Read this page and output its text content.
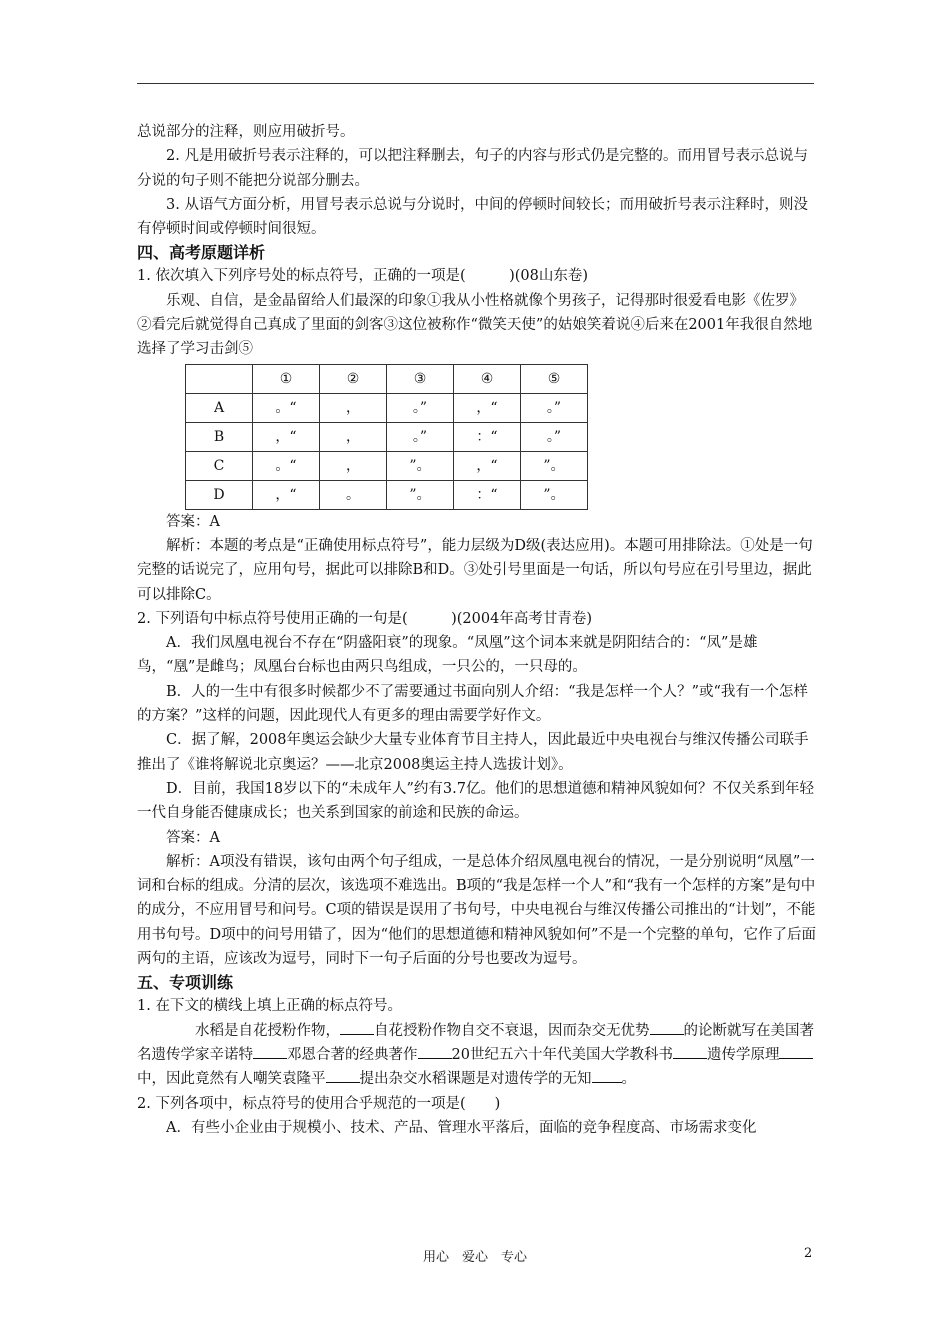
总说部分的注释，则应用破折号。

2. 凡是用破折号表示注释的，可以把注释删去，句子的内容与形式仍是完整的。而用冒号表示总说与分说的句子则不能把分说部分删去。

3. 从语气方面分析，用冒号表示总说与分说时，中间的停顿时间较长；而用破折号表示注释时，则没有停顿时间或停顿时间很短。

四、高考原题详析

1. 依次填入下列序号处的标点符号，正确的一项是(　　　)(08山东卷)

乐观、自信，是金晶留给人们最深的印象①我从小性格就像个男孩子，记得那时很爱看电影《佐罗》②看完后就觉得自己真成了里面的剑客③这位被称作“微笑天使”的姑娘笑着说④后来在2001年我很自然地选择了学习击剑⑤

	①	②	③	④	⑤
A	。“	，	。”	，“	。”
B	，“	，	。”	：“	。”
C	。“	，	”。	，“	”。
D	，“	。	”。	：“	”。

答案：A

解析：本题的考点是“正确使用标点符号”，能力层级为D级(表达应用)。本题可用排除法。①处是一句完整的话说完了，应用句号，据此可以排除B和D。③处引号里面是一句话，所以句号应在引号里边，据此可以排除C。

2. 下列语句中标点符号使用正确的一句是(　　　)(2004年高考甘青卷)

A．我们凤凰电视台不存在“阴盛阳衰”的现象。“凤凰”这个词本来就是阴阳结合的：“凤”是雄鸟，“凰”是雌鸟；凤凰台台标也由两只鸟组成，一只公的，一只母的。

B．人的一生中有很多时候都少不了需要通过书面向别人介绍：“我是怎样一个人？”或“我有一个怎样的方案？”这样的问题，因此现代人有更多的理由需要学好作文。

C．据了解，2008年奥运会缺少大量专业体育节目主持人，因此最近中央电视台与维汉传播公司联手推出了《谁将解说北京奥运？——北京2008奥运主持人选拔计划》。

D．目前，我国18岁以下的“未成年人”约有3.7亿。他们的思想道德和精神风貌如何？不仅关系到年轻一代自身能否健康成长；也关系到国家的前途和民族的命运。

答案：A

解析：A项没有错误，该句由两个句子组成，一是总体介绍凤凰电视台的情况，一是分别说明“凤凰”一词和台标的组成。分清的层次，该选项不难选出。B项的“我是怎样一个人”和“我有一个怎样的方案”是句中的成分，不应用冒号和问号。C项的错误是误用了书句号，中央电视台与维汉传播公司推出的“计划”，不能用书句号。D项中的问号用错了，因为“他们的思想道德和精神风貌如何”不是一个完整的单句，它作了后面两句的主语，应该改为逗号，同时下一句子后面的分号也要改为逗号。

五、专项训练

1. 在下文的横线上填上正确的标点符号。

水稻是自花授粉作物， 自花授粉作物自交不衰退，因而杂交无优势 的论断就写在美国著名遗传学家辛诺特 邓恩合著的经典著作 20世纪五六十年代美国大学教科书 遗传学原理中，因此竟然有人嘲笑袁隆平 提出杂交水稻课题是对遗传学的无知 。

2. 下列各项中，标点符号的使用合乎规范的一项是(　　)

A．有些小企业由于规模小、技术、产品、管理水平落后，面临的竞争程度高、市场需求变化

用心　爱心　专心	2
